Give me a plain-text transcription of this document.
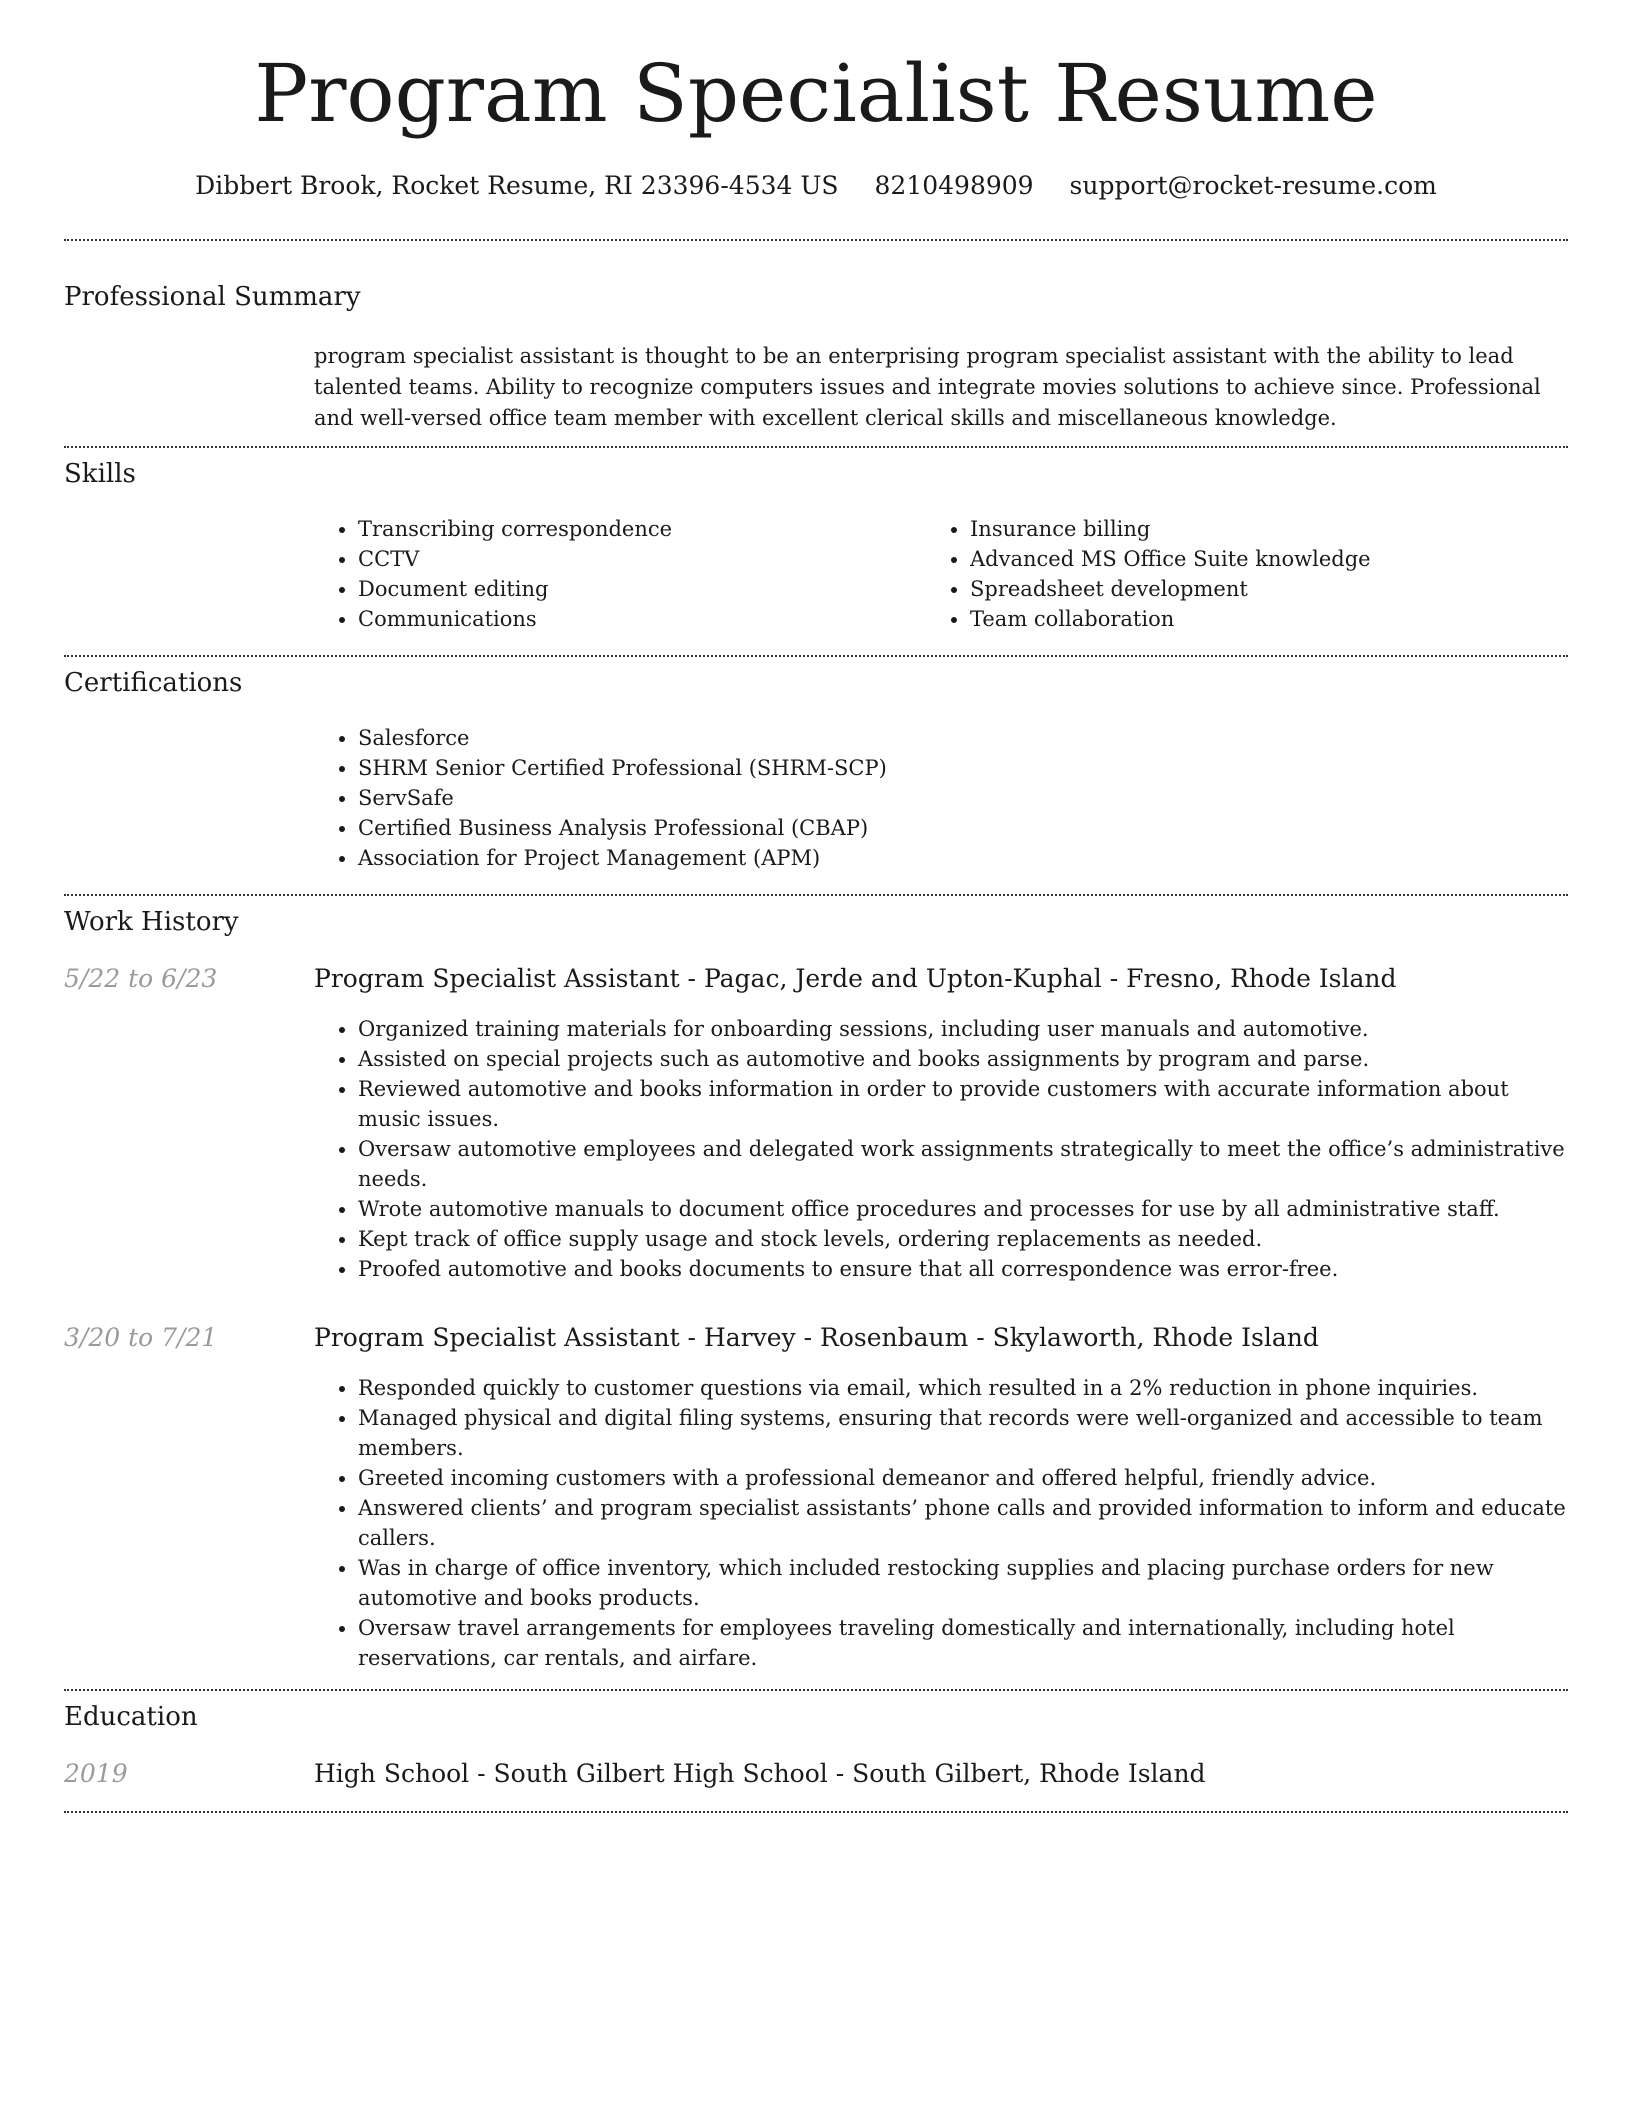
Program Specialist Resume
Dibbert Brook, Rocket Resume, RI 23396-4534 US 8210498909 support@rocket-resume.com
Professional Summary

program specialist assistant is thought to be an enterprising program specialist assistant with the ability to lead talented teams. Ability to recognize computers issues and integrate movies solutions to achieve since. Professional and well-versed office team member with excellent clerical skills and miscellaneous knowledge.

Skills
• Transcribing correspondence
• CCTV
• Document editing
• Communications
• Insurance billing
• Advanced MS Office Suite knowledge
• Spreadsheet development
• Team collaboration
Certifications
• Salesforce
• SHRM Senior Certified Professional (SHRM-SCP)
• ServSafe
• Certified Business Analysis Professional (CBAP)
• Association for Project Management (APM)
Work History
5/22 to 6/23	Program Specialist Assistant - Pagac, Jerde and Upton-Kuphal - Fresno, Rhode Island
• Organized training materials for onboarding sessions, including user manuals and automotive.
• Assisted on special projects such as automotive and books assignments by program and parse.
• Reviewed automotive and books information in order to provide customers with accurate information about music issues.
• Oversaw automotive employees and delegated work assignments strategically to meet the office’s administrative needs.
• Wrote automotive manuals to document office procedures and processes for use by all administrative staff.
• Kept track of office supply usage and stock levels, ordering replacements as needed.
• Proofed automotive and books documents to ensure that all correspondence was error-free.
3/20 to 7/21	Program Specialist Assistant - Harvey - Rosenbaum - Skylaworth, Rhode Island
• Responded quickly to customer questions via email, which resulted in a 2% reduction in phone inquiries.
• Managed physical and digital filing systems, ensuring that records were well-organized and accessible to team members.
• Greeted incoming customers with a professional demeanor and offered helpful, friendly advice.
• Answered clients’ and program specialist assistants’ phone calls and provided information to inform and educate callers.
• Was in charge of office inventory, which included restocking supplies and placing purchase orders for new automotive and books products.
• Oversaw travel arrangements for employees traveling domestically and internationally, including hotel reservations, car rentals, and airfare.
Education
2019	High School - South Gilbert High School - South Gilbert, Rhode Island
